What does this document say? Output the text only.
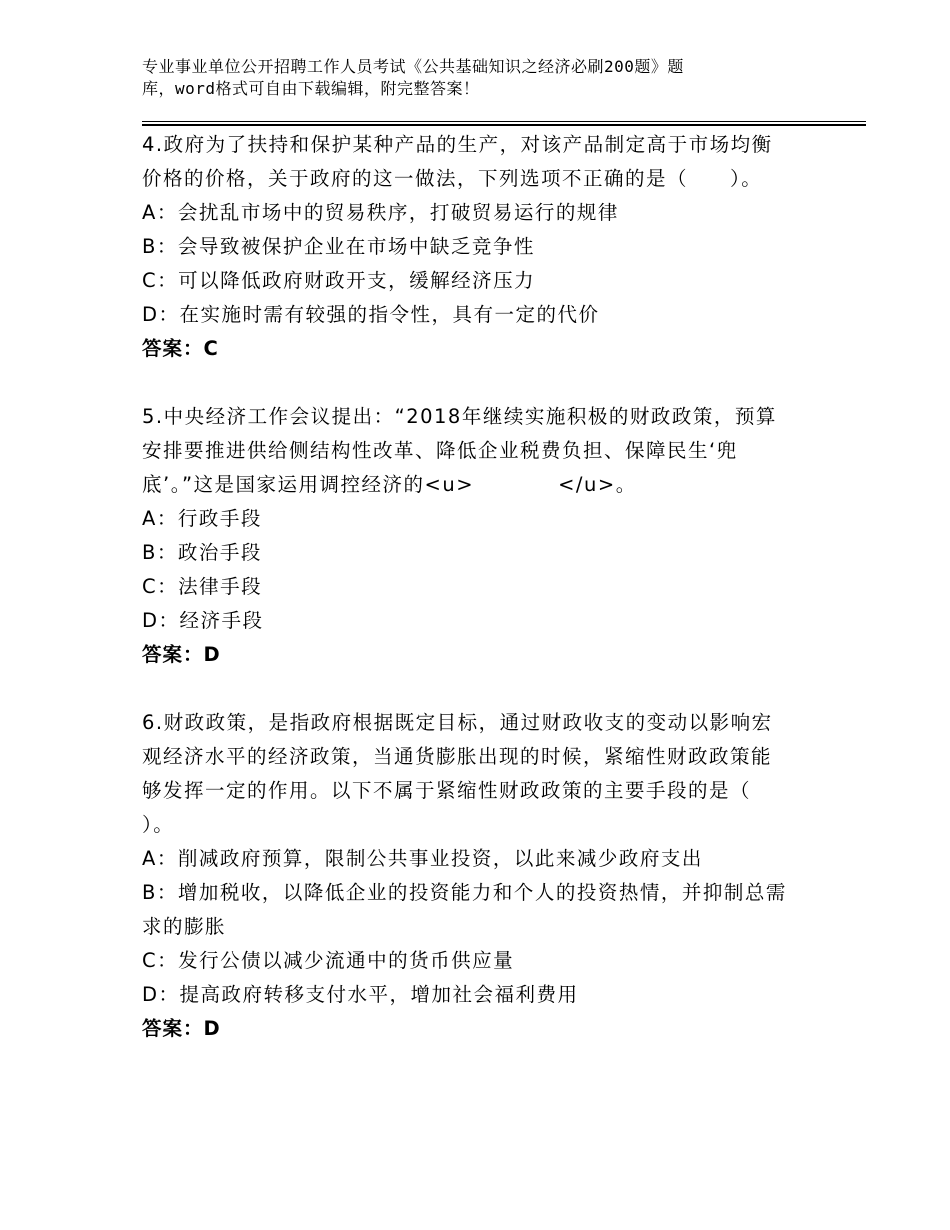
专业事业单位公开招聘工作人员考试《公共基础知识之经济必刷200题》题
库，word格式可自由下载编辑，附完整答案！
4.政府为了扶持和保护某种产品的生产，对该产品制定高于市场均衡
价格的价格，关于政府的这一做法，下列选项不正确的是（　　）。
A：会扰乱市场中的贸易秩序，打破贸易运行的规律
B：会导致被保护企业在市场中缺乏竞争性
C：可以降低政府财政开支，缓解经济压力
D：在实施时需有较强的指令性，具有一定的代价
答案：C
5.中央经济工作会议提出：“2018年继续实施积极的财政政策，预算
安排要推进供给侧结构性改革、降低企业税费负担、保障民生‘兜
底’。”这是国家运用调控经济的<u>　　　　</u>。
A：行政手段
B：政治手段
C：法律手段
D：经济手段
答案：D
6.财政政策，是指政府根据既定目标，通过财政收支的变动以影响宏
观经济水平的经济政策，当通货膨胀出现的时候，紧缩性财政政策能
够发挥一定的作用。以下不属于紧缩性财政政策的主要手段的是（
）。
A：削减政府预算，限制公共事业投资，以此来减少政府支出
B：增加税收，以降低企业的投资能力和个人的投资热情，并抑制总需
求的膨胀
C：发行公债以减少流通中的货币供应量
D：提高政府转移支付水平，增加社会福利费用
答案：D
